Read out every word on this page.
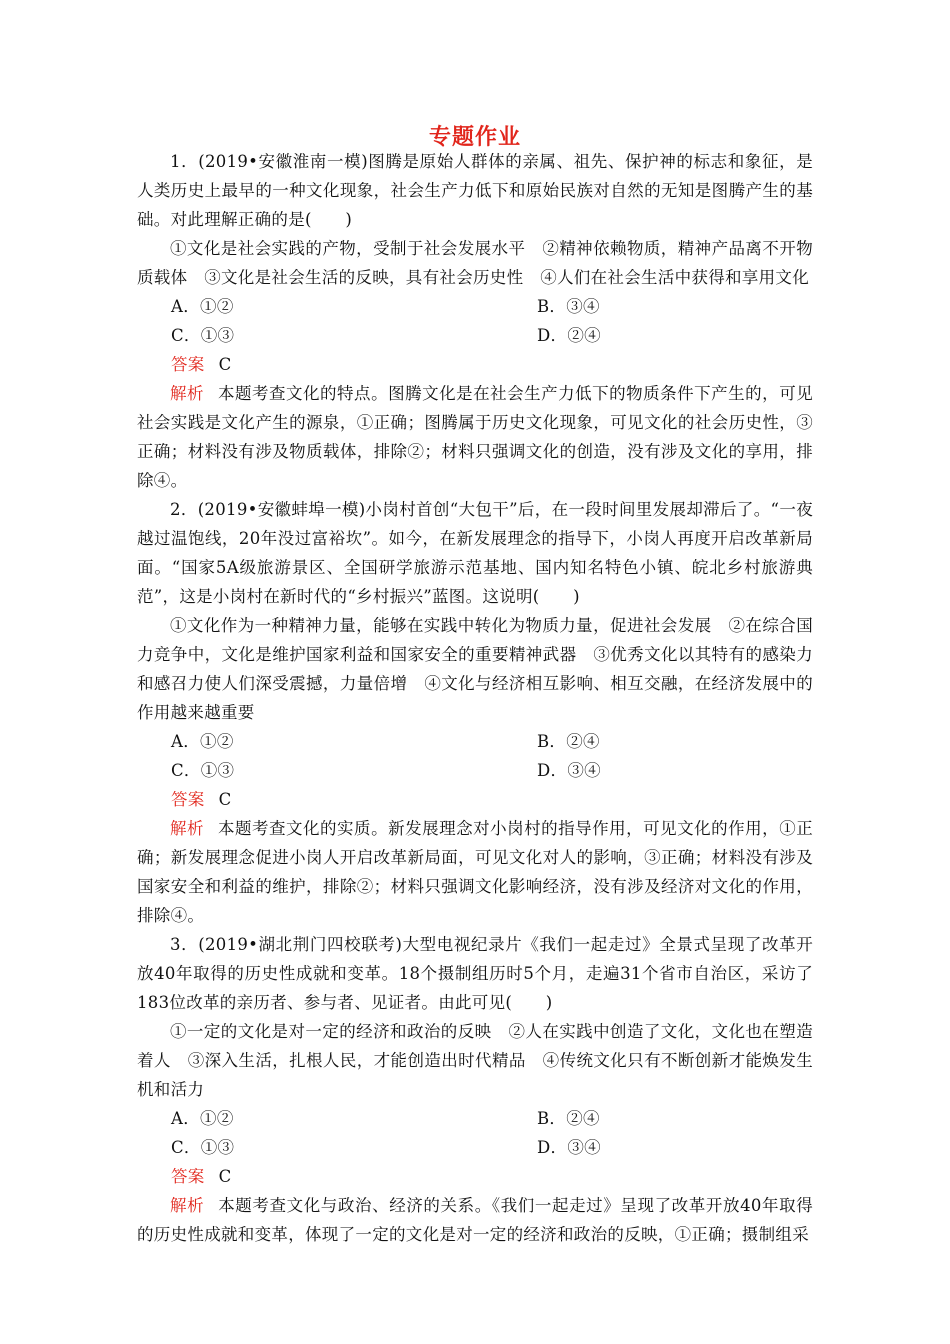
专题作业

1．(2019•安徽淮南一模)图腾是原始人群体的亲属、祖先、保护神的标志和象征，是人类历史上最早的一种文化现象，社会生产力低下和原始民族对自然的无知是图腾产生的基础。对此理解正确的是(　　)

①文化是社会实践的产物，受制于社会发展水平　②精神依赖物质，精神产品离不开物质载体　③文化是社会生活的反映，具有社会历史性　④人们在社会生活中获得和享用文化

A．①②	B．③④
C．①③	D．②④

答案 C

解析 本题考查文化的特点。图腾文化是在社会生产力低下的物质条件下产生的，可见社会实践是文化产生的源泉，①正确；图腾属于历史文化现象，可见文化的社会历史性，③正确；材料没有涉及物质载体，排除②；材料只强调文化的创造，没有涉及文化的享用，排除④。

2．(2019•安徽蚌埠一模)小岗村首创“大包干”后，在一段时间里发展却滞后了。“一夜越过温饱线，20年没过富裕坎”。如今，在新发展理念的指导下，小岗人再度开启改革新局面。“国家5A级旅游景区、全国研学旅游示范基地、国内知名特色小镇、皖北乡村旅游典范”，这是小岗村在新时代的“乡村振兴”蓝图。这说明(　　)

①文化作为一种精神力量，能够在实践中转化为物质力量，促进社会发展　②在综合国力竞争中，文化是维护国家利益和国家安全的重要精神武器　③优秀文化以其特有的感染力和感召力使人们深受震撼，力量倍增　④文化与经济相互影响、相互交融，在经济发展中的作用越来越重要

A．①②	B．②④
C．①③	D．③④

答案 C

解析 本题考查文化的实质。新发展理念对小岗村的指导作用，可见文化的作用，①正确；新发展理念促进小岗人开启改革新局面，可见文化对人的影响，③正确；材料没有涉及国家安全和利益的维护，排除②；材料只强调文化影响经济，没有涉及经济对文化的作用，排除④。

3．(2019•湖北荆门四校联考)大型电视纪录片《我们一起走过》全景式呈现了改革开放40年取得的历史性成就和变革。18个摄制组历时5个月，走遍31个省市自治区，采访了183位改革的亲历者、参与者、见证者。由此可见(　　)

①一定的文化是对一定的经济和政治的反映　②人在实践中创造了文化，文化也在塑造着人　③深入生活，扎根人民，才能创造出时代精品　④传统文化只有不断创新才能焕发生机和活力

A．①②	B．②④
C．①③	D．③④

答案 C

解析 本题考查文化与政治、经济的关系。《我们一起走过》呈现了改革开放40年取得的历史性成就和变革，体现了一定的文化是对一定的经济和政治的反映，①正确；摄制组采
